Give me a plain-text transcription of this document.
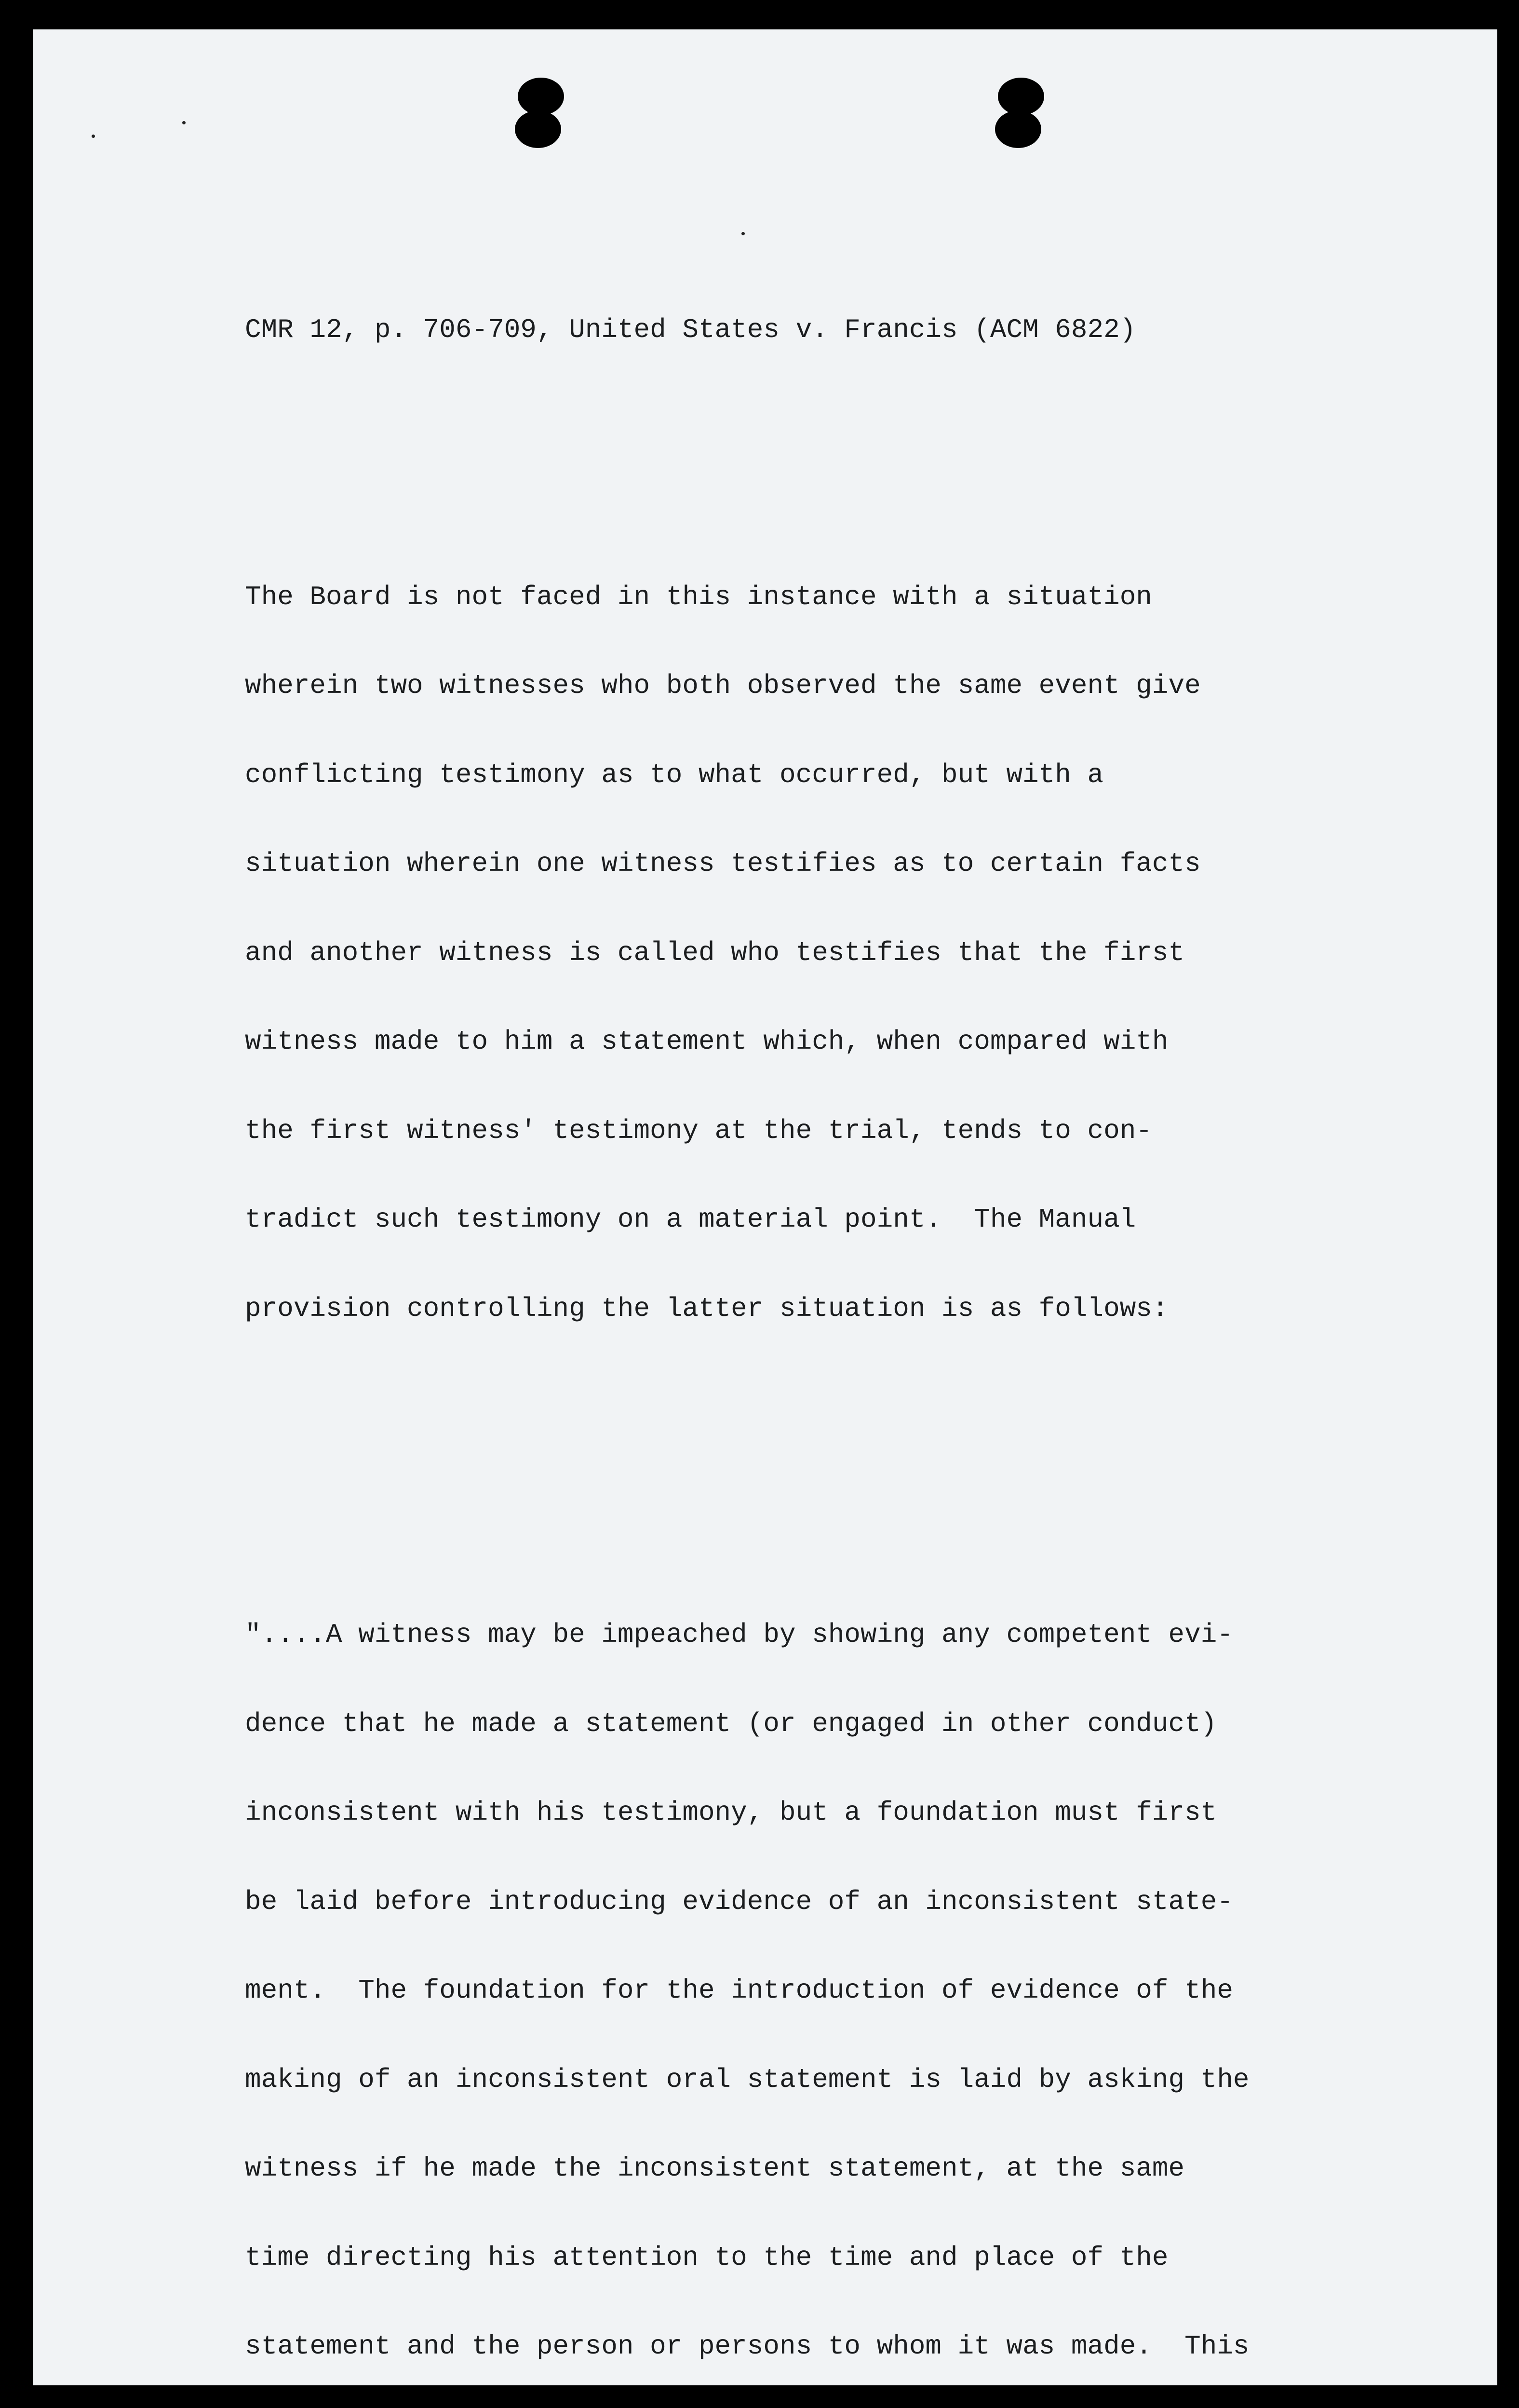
CMR 12, p. 706-709, United States v. Francis (ACM 6822)

The Board is not faced in this instance with a situation

wherein two witnesses who both observed the same event give

conflicting testimony as to what occurred, but with a

situation wherein one witness testifies as to certain facts

and another witness is called who testifies that the first

witness made to him a statement which, when compared with

the first witness' testimony at the trial, tends to con-

tradict such testimony on a material point.  The Manual

provision controlling the latter situation is as follows:

"....A witness may be impeached by showing any competent evi-

dence that he made a statement (or engaged in other conduct)

inconsistent with his testimony, but a foundation must first

be laid before introducing evidence of an inconsistent state-

ment.  The foundation for the introduction of evidence of the

making of an inconsistent oral statement is laid by asking the

witness if he made the inconsistent statement, at the same

time directing his attention to the time and place of the

statement and the person or persons to whom it was made.  This
